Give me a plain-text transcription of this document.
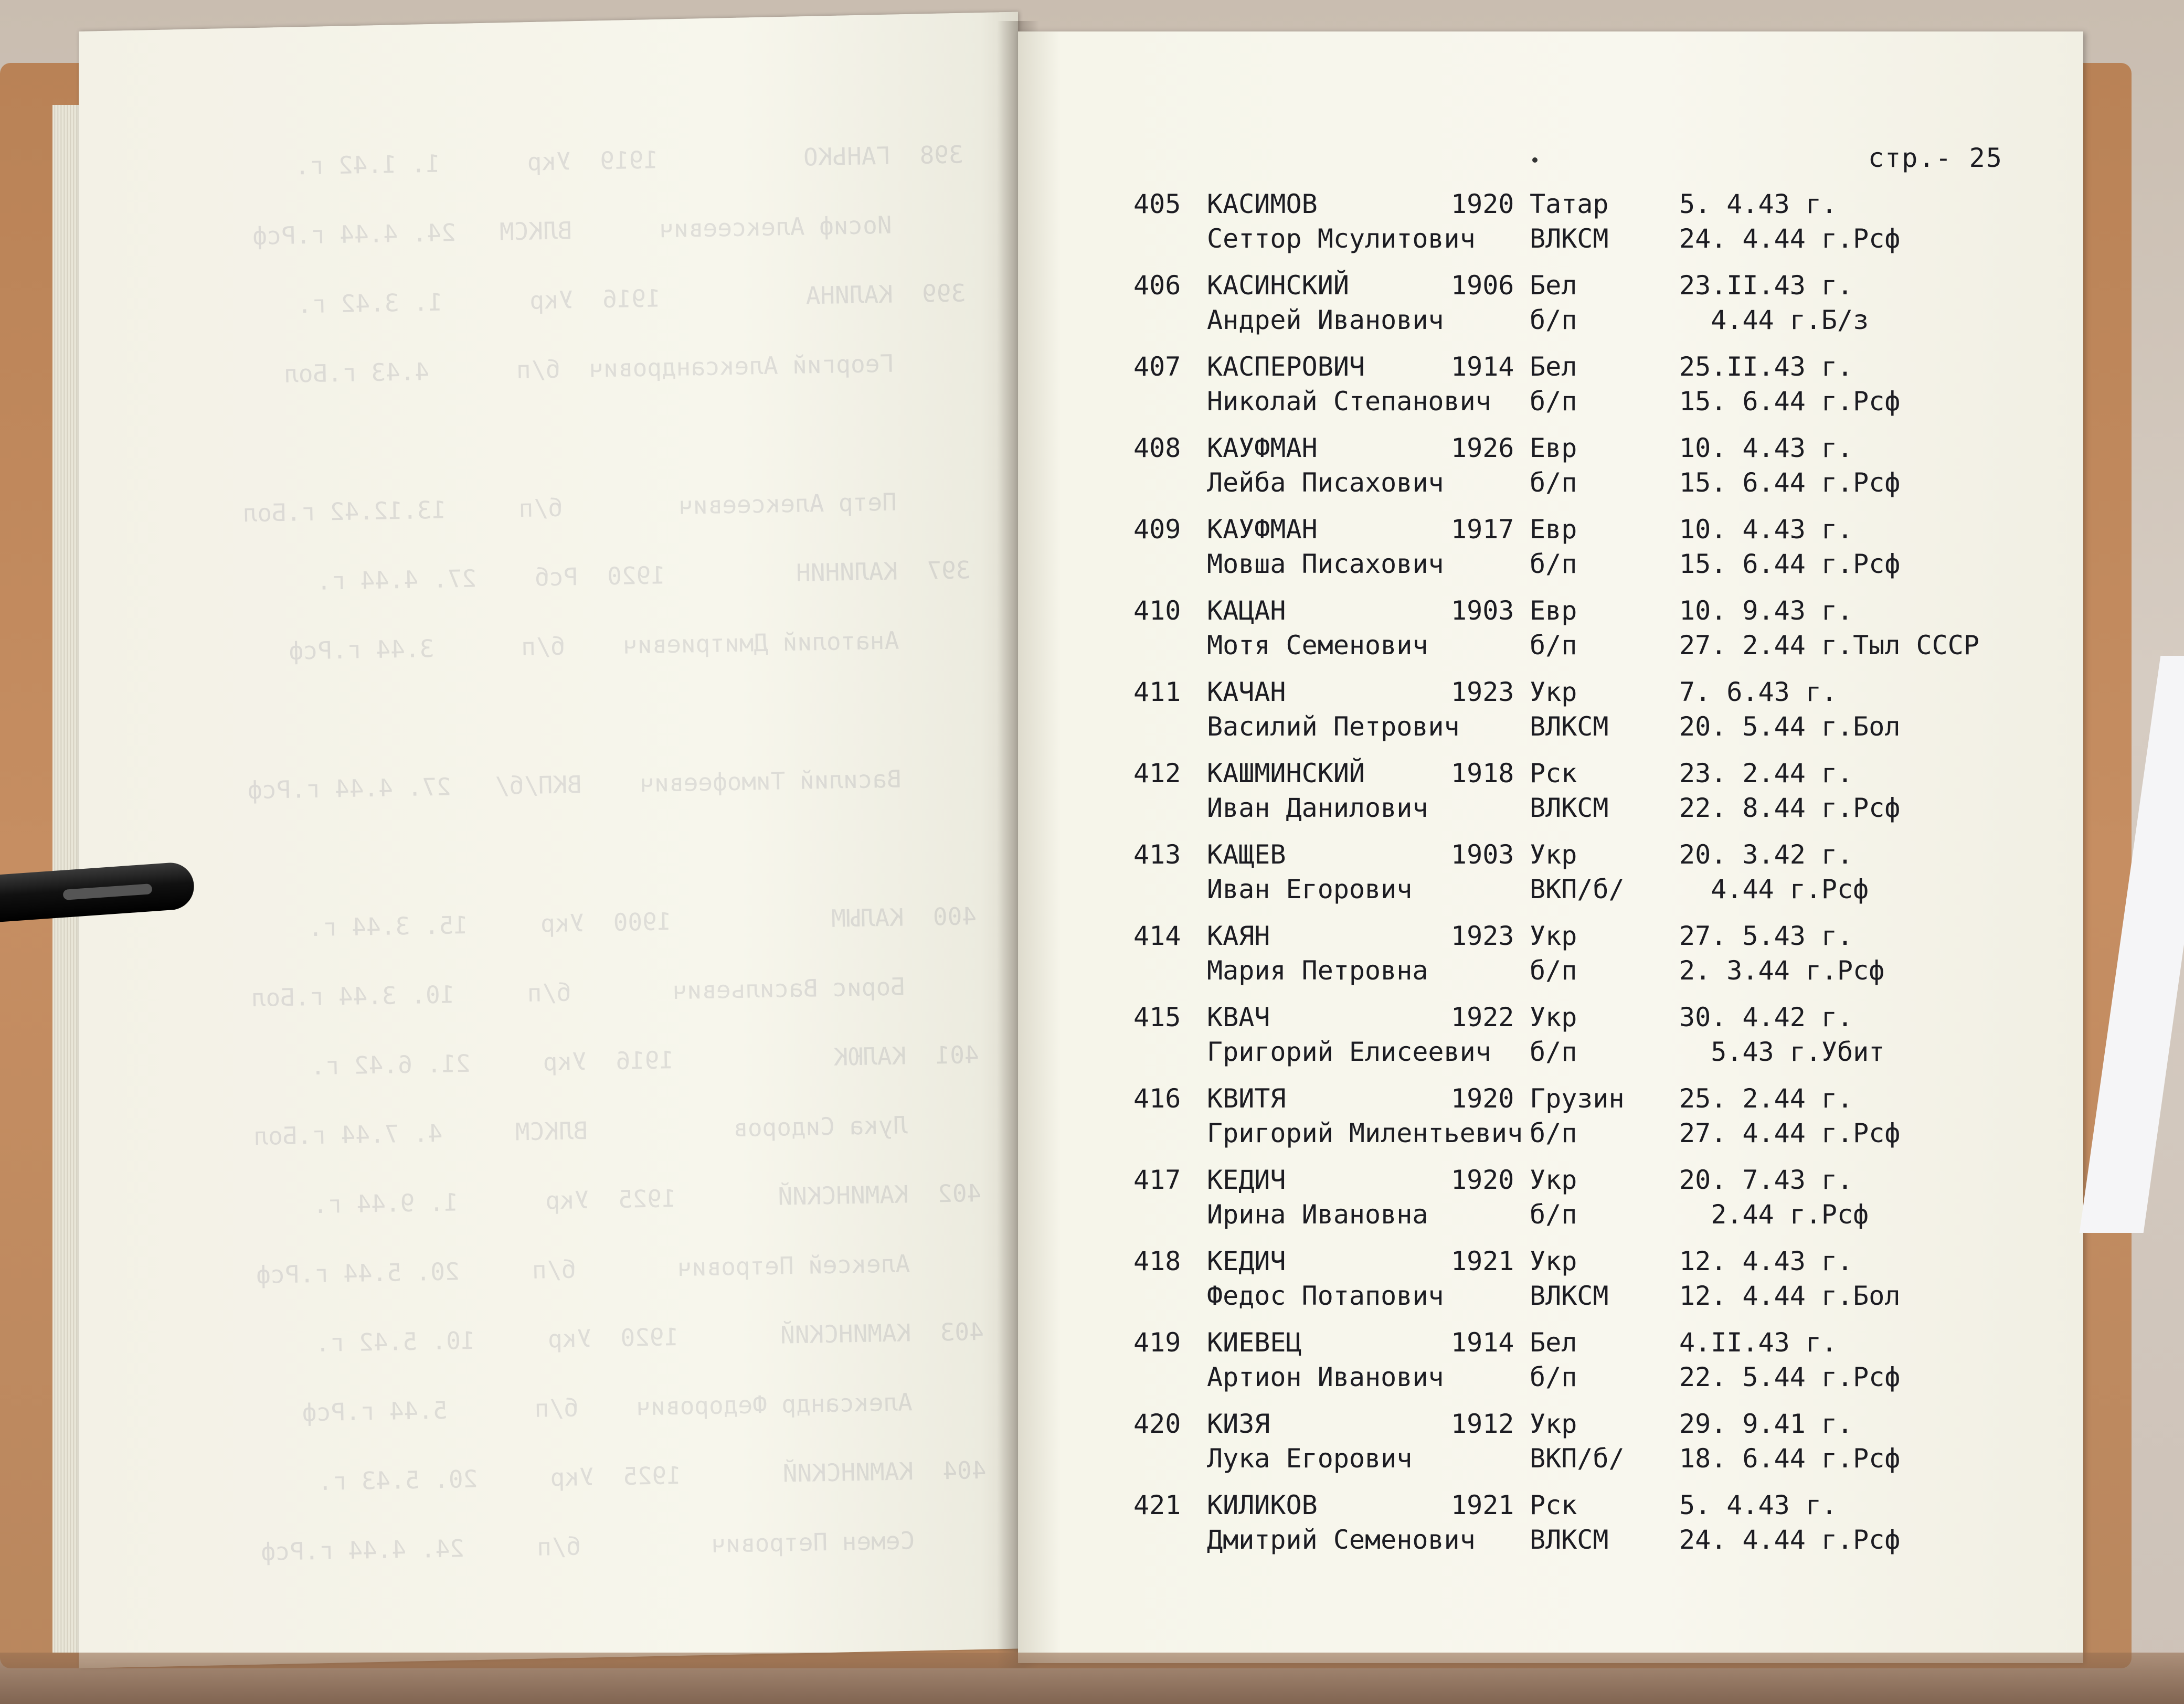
398  ГАНЬКО          1919  Укр      1. 1.42 г.
Иосиф Алексеевич      ВЛКСМ   24. 4.44 г.Рсф
399  КАЛИНА          1916  Укр      1. 3.42 г.
Георгий Александрович  б/п      4.43 г.Бол
Петр Алексеевич        б/п     13.12.42 г.Бол
397  КАЛИНИН         1920  Рсб    27. 4.44 г.
Анатолий Дмитриевич    б/п      3.44 г.Рсф
Василий Тимофеевич    ВКП/б/   27. 4.44 г.Рсф
400  КАЛЫМ           1900  Укр     15. 3.44 г.
Борис Васильевич       б/п     10. 3.44 г.Бол
401  КАЛЮК           1916  Укр     21. 6.42 г.
Лука Сидоров          ВЛКСМ     4. 7.44 г.Бол
402  КАМИНСКИЙ       1925  Укр      1. 9.44 г.
Алексей Петрович       б/п     20. 5.44 г.Рсф
403  КАМИНСКИЙ       1920  Укр     10. 5.42 г.
Александр Федорович    б/п      5.44 г.Рсф
404  КАМИНСКИЙ       1925  Укр     20. 5.43 г.
Семен Петрович         б/п     24. 4.44 г.Рсф
стр.- 25
405 КАСИМОВ	1920 Татар	5. 4.43 г.
Сеттор Мсулитович ВЛКСМ	24. 4.44 г.Рсф
406 КАСИНСКИЙ	1906 Бел	23.II.43 г.
Андрей Иванович	б/п	4.44 г.Б/з
407 КАСПЕРОВИЧ	1914 Бел	25.II.43 г.
Николай Степанович б/п	15. 6.44 г.Рсф
408 КАУФМАН	1926 Евр	10. 4.43 г.
Лейба Писахович	б/п	15. 6.44 г.Рсф
409 КАУФМАН	1917 Евр	10. 4.43 г.
Мовша Писахович	б/п	15. 6.44 г.Рсф
410 КАЦАН	1903 Евр	10. 9.43 г.
Мотя Семенович	б/п	27. 2.44 г.Тыл СССР
411 КАЧАН	1923 Укр	7. 6.43 г.
Василий Петрович	ВЛКСМ	20. 5.44 г.Бол
412 КАШМИНСКИЙ	1918 Рск	23. 2.44 г.
Иван Данилович	ВЛКСМ	22. 8.44 г.Рсф
413 КАЩЕВ	1903 Укр	20. 3.42 г.
Иван Егорович	ВКП/б/ 4.44 г.Рсф
414 КАЯН	1923 Укр	27. 5.43 г.
Мария Петровна	б/п	2. 3.44 г.Рсф
415 КВАЧ	1922 Укр	30. 4.42 г.
Григорий Елисеевич б/п	5.43 г.Убит
416 КВИТЯ	1920 Грузин 25. 2.44 г.
Григорий Милентьевич б/п	27. 4.44 г.Рсф
417 КЕДИЧ	1920 Укр	20. 7.43 г.
Ирина Ивановна	б/п	2.44 г.Рсф
418 КЕДИЧ	1921 Укр	12. 4.43 г.
Федос Потапович	ВЛКСМ	12. 4.44 г.Бол
419 КИЕВЕЦ	1914 Бел	4.II.43 г.
Артион Иванович	б/п	22. 5.44 г.Рсф
420 КИЗЯ	1912 Укр	29. 9.41 г.
Лука Егорович	ВКП/б/ 18. 6.44 г.Рсф
421 КИЛИКОВ	1921 Рск	5. 4.43 г.
Дмитрий Семенович ВЛКСМ	24. 4.44 г.Рсф
